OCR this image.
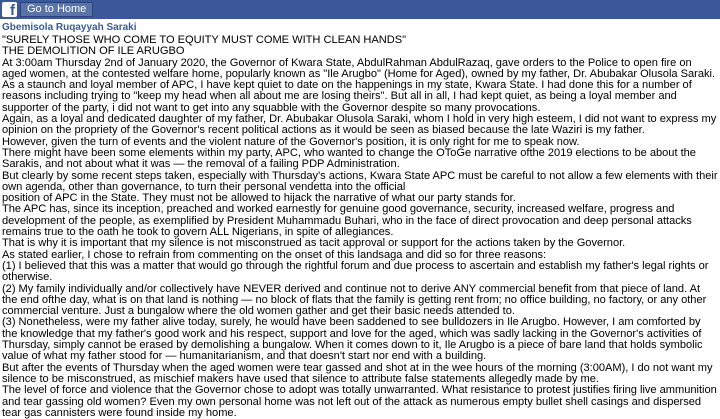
f	Go to Home
Gbemisola Ruqayyah Saraki

"SURELY THOSE WHO COME TO EQUITY MUST COME WITH CLEAN HANDS"

THE DEMOLITION OF ILE ARUGBO

At 3:00am Thursday 2nd of January 2020, the Governor of Kwara State, AbdulRahman AbdulRazaq, gave orders to the Police to open fire on aged women, at the contested welfare home, popularly known as "Ile Arugbo" (Home for Aged), owned by my father, Dr. Abubakar Olusola Saraki.

As a staunch and loyal member of APC, I have kept quiet to date on the happenings in my state, Kwara State. I had done this for a number of reasons including trying to "keep my head when all about me are losing theirs". But all in all, I had kept quiet, as being a loyal member and supporter of the party, i did not want to get into any squabble with the Governor despite so many provocations.

Again, as a loyal and dedicated daughter of my father, Dr. Abubakar Olusola Saraki, whom I hold in very high esteem, I did not want to express my opinion on the propriety of the Governor's recent political actions as it would be seen as biased because the late Waziri is my father.

However, given the turn of events and the violent nature of the Governor's position, it is only right for me to speak now.

There might have been some elements within my party, APC, who wanted to change the OToGe narrative ofthe 2019 elections to be about the Sarakis, and not about what it was — the removal of a failing PDP Administration.

But clearly by some recent steps taken, especially with Thursday's actions, Kwara State APC must be careful to not allow a few elements with their own agenda, other than governance, to turn their personal vendetta into the official

position of APC in the State. They must not be allowed to hijack the narrative of what our party stands for.

The APC has, since its inception, preached and worked earnestly for genuine good governance, security, increased welfare, progress and development of the people, as exemplified by President Muhammadu Buhari, who in the face of direct provocation and deep personal attacks remains true to the oath he took to govern ALL Nigerians, in spite of allegiances.

That is why it is important that my silence is not misconstrued as tacit approval or support for the actions taken by the Governor.

As stated earlier, I chose to refrain from commenting on the onset of this landsaga and did so for three reasons:

(1) I believed that this was a matter that would go through the rightful forum and due process to ascertain and establish my father's legal rights or otherwise.

(2) My family individually and/or collectively have NEVER derived and continue not to derive ANY commercial benefit from that piece of land. At the end ofthe day, what is on that land is nothing — no block of flats that the family is getting rent from; no office building, no factory, or any other commercial venture. Just a bungalow where the old women gather and get their basic needs attended to.

(3) Nonetheless, were my father alive today, surely, he would have been saddened to see bulldozers in Ile Arugbo. However, I am comforted by the knowledge that my father's good work and his respect, support and love for the aged, which was sadly lacking in the Governor's activities of Thursday, simply cannot be erased by demolishing a bungalow. When it comes down to it, Ile Arugbo is a piece of bare land that holds symbolic value of what my father stood for — humanitarianism, and that doesn't start nor end with a building.

But after the events of Thursday when the aged women were tear gassed and shot at in the wee hours of the morning (3:00AM), I do not want my silence to be misconstrued, as mischief makers have used that silence to attribute false statements allegedly made by me.

The level of force and violence that the Governor chose to adopt was totally unwarranted. What resistance to protest justifies firing live ammunition and tear gassing old women? Even my own personal home was not left out of the attack as numerous empty bullet shell casings and dispersed tear gas cannisters were found inside my home.
